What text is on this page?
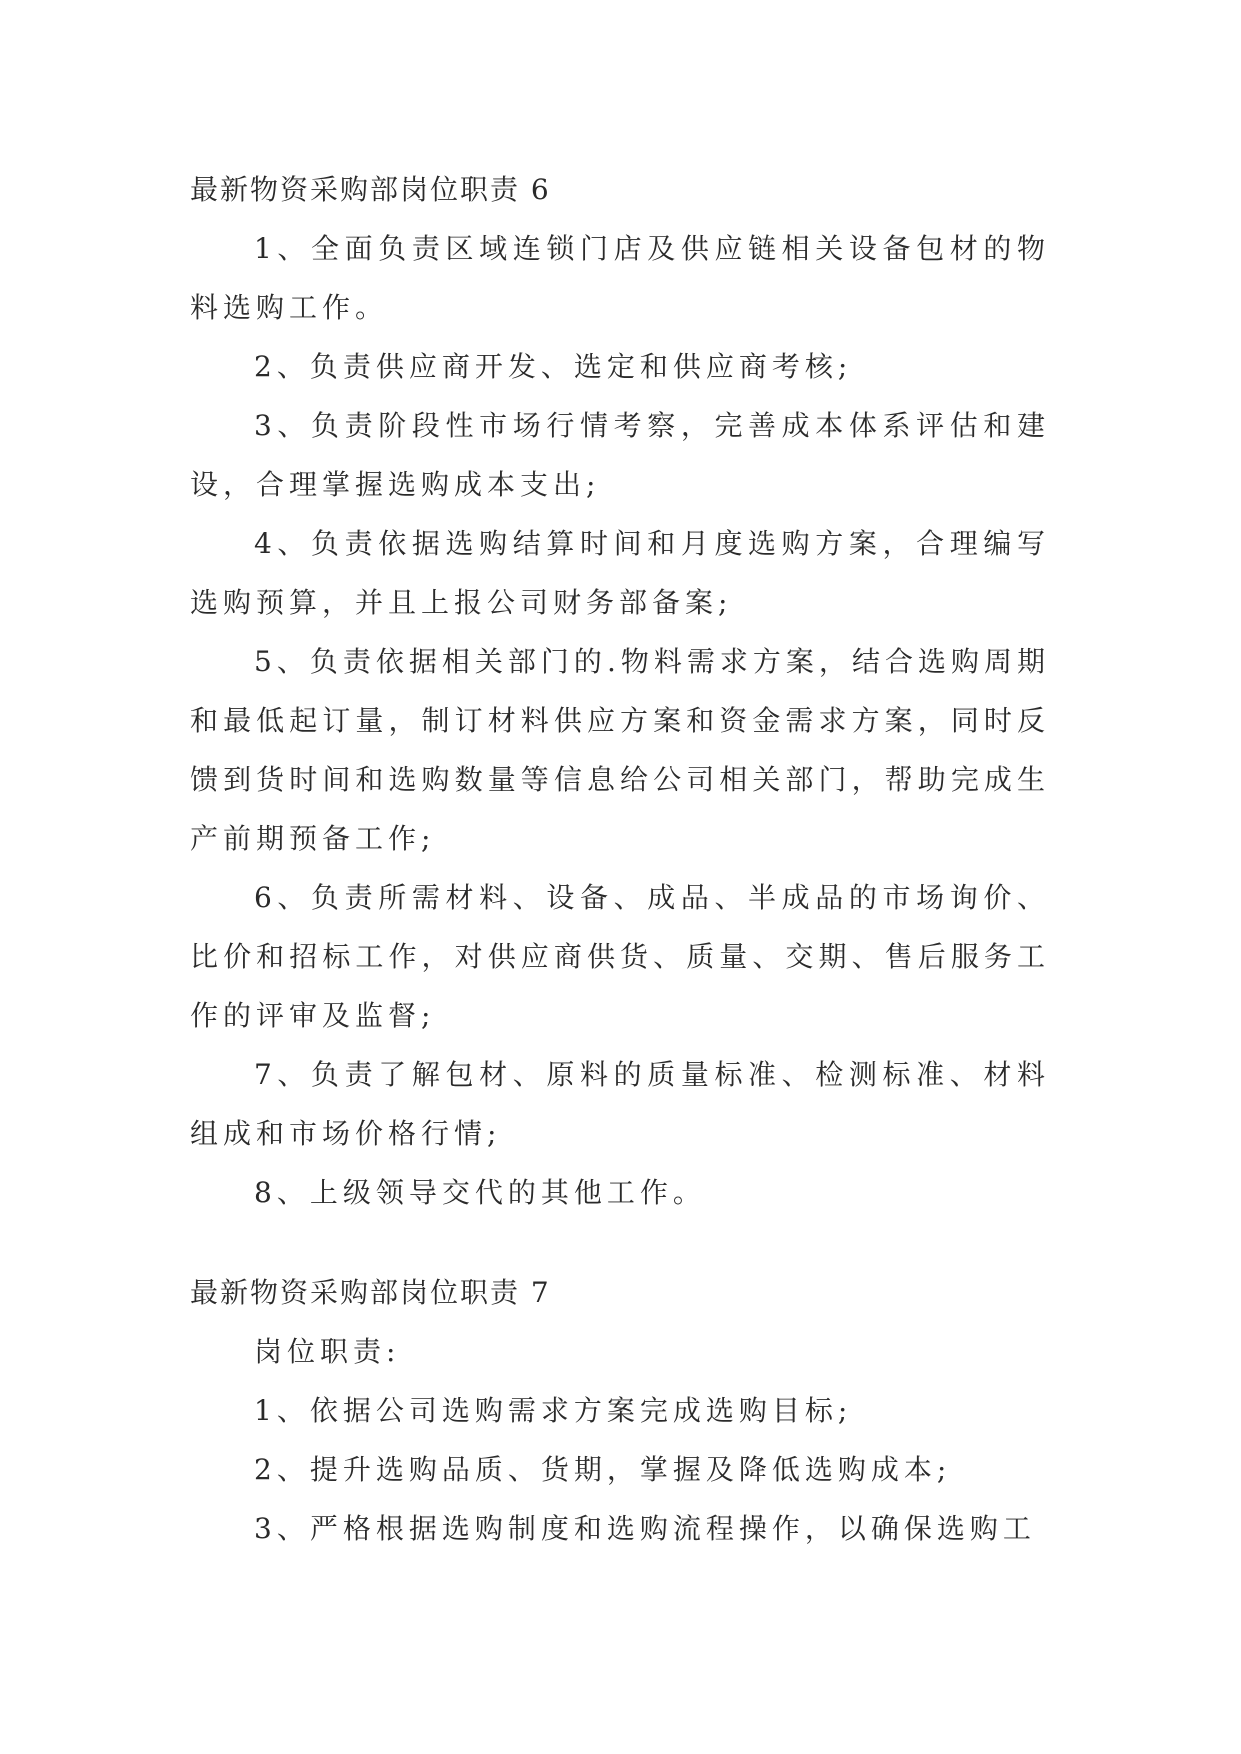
最新物资采购部岗位职责 6

1、全面负责区域连锁门店及供应链相关设备包材的物料选购工作。

2、负责供应商开发、选定和供应商考核;

3、负责阶段性市场行情考察，完善成本体系评估和建设，合理掌握选购成本支出;

4、负责依据选购结算时间和月度选购方案，合理编写选购预算，并且上报公司财务部备案;

5、负责依据相关部门的.物料需求方案，结合选购周期和最低起订量，制订材料供应方案和资金需求方案，同时反馈到货时间和选购数量等信息给公司相关部门，帮助完成生产前期预备工作;

6、负责所需材料、设备、成品、半成品的市场询价、比价和招标工作，对供应商供货、质量、交期、售后服务工作的评审及监督;

7、负责了解包材、原料的质量标准、检测标准、材料组成和市场价格行情;

8、上级领导交代的其他工作。

最新物资采购部岗位职责 7

岗位职责:

1、依据公司选购需求方案完成选购目标;

2、提升选购品质、货期，掌握及降低选购成本;

3、严格根据选购制度和选购流程操作，以确保选购工
